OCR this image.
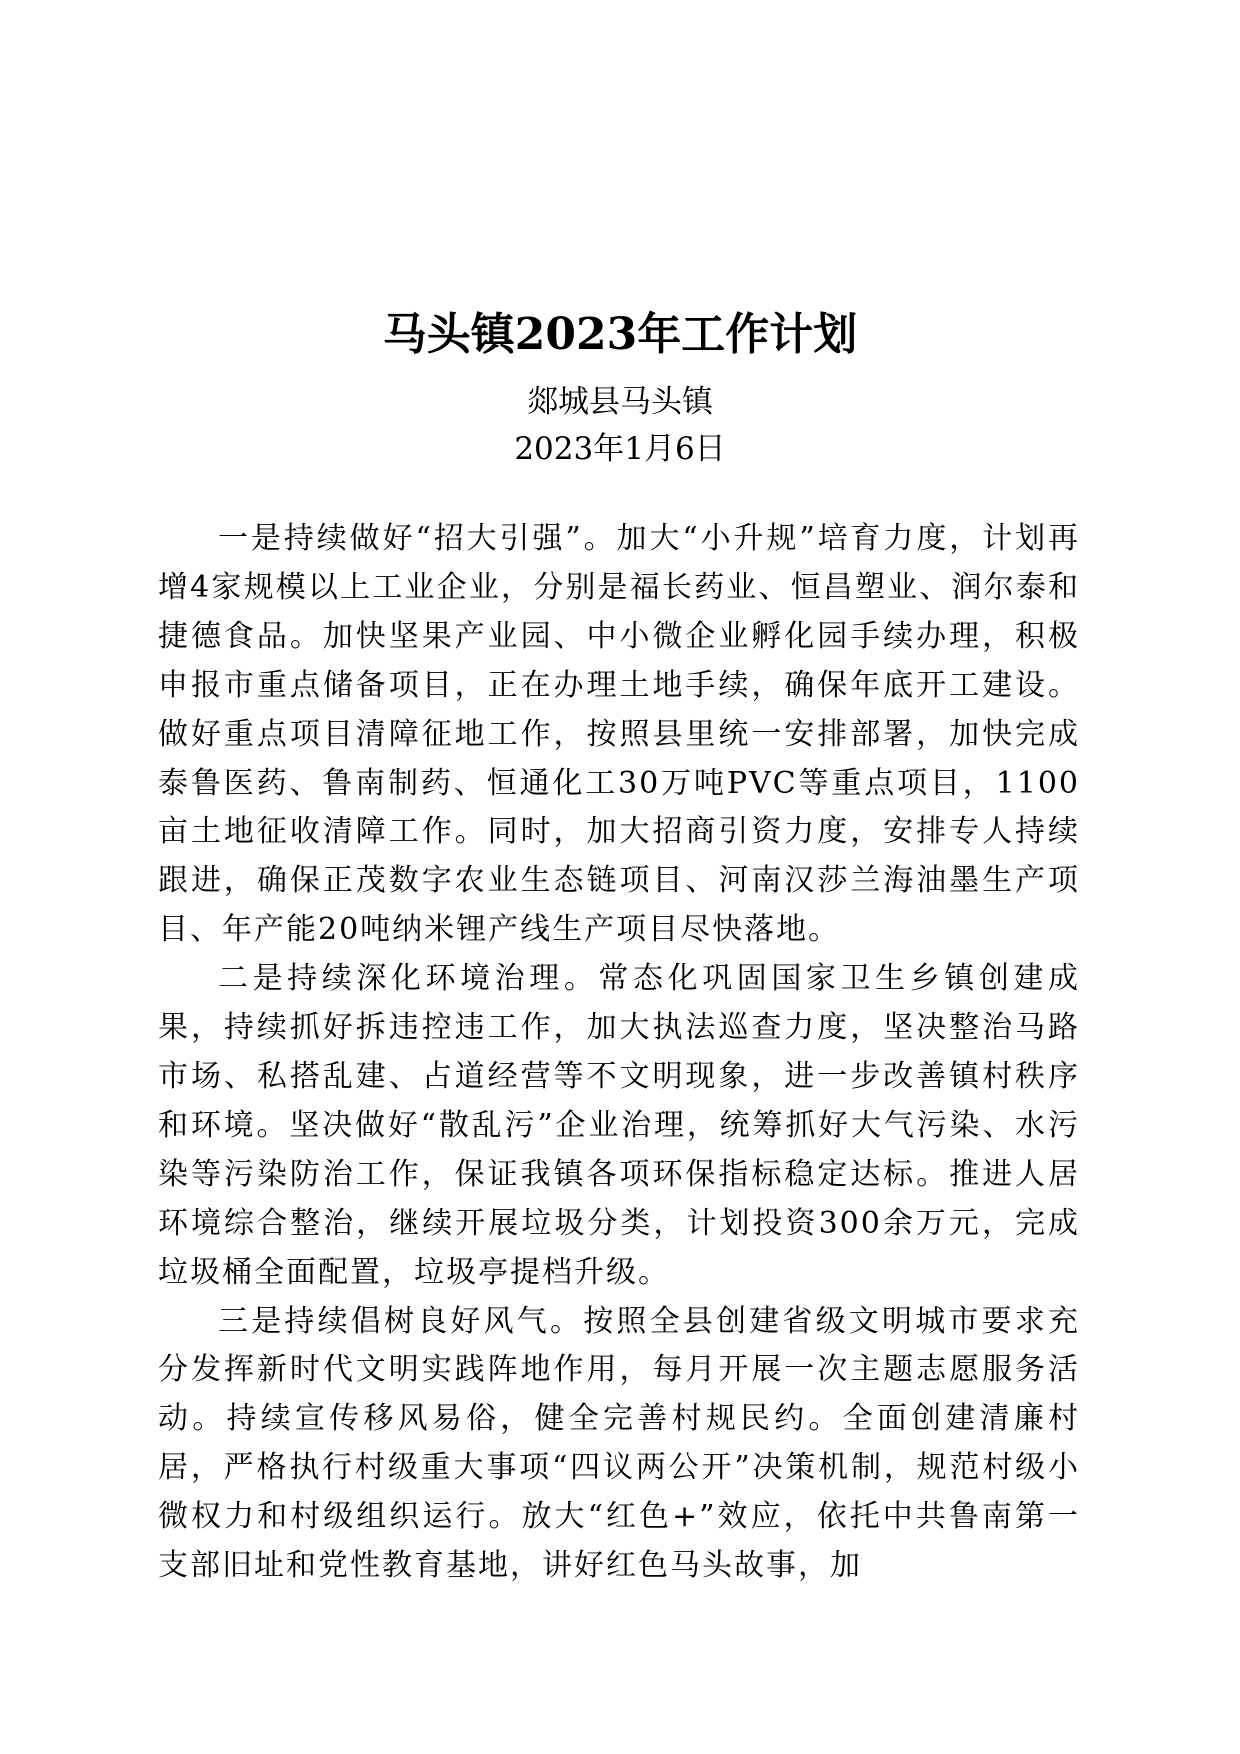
马头镇2023年工作计划

郯城县马头镇

2023年1月6日

一是持续做好“招大引强”。加大“小升规”培育力度，计划再增4家规模以上工业企业，分别是福长药业、恒昌塑业、润尔泰和捷德食品。加快坚果产业园、中小微企业孵化园手续办理，积极申报市重点储备项目，正在办理土地手续，确保年底开工建设。做好重点项目清障征地工作，按照县里统一安排部署，加快完成泰鲁医药、鲁南制药、恒通化工30万吨PVC等重点项目，1100亩土地征收清障工作。同时，加大招商引资力度，安排专人持续跟进，确保正茂数字农业生态链项目、河南汉莎兰海油墨生产项目、年产能20吨纳米锂产线生产项目尽快落地。

二是持续深化环境治理。常态化巩固国家卫生乡镇创建成果，持续抓好拆违控违工作，加大执法巡查力度，坚决整治马路市场、私搭乱建、占道经营等不文明现象，进一步改善镇村秩序和环境。坚决做好“散乱污”企业治理，统筹抓好大气污染、水污染等污染防治工作，保证我镇各项环保指标稳定达标。推进人居环境综合整治，继续开展垃圾分类，计划投资300余万元，完成垃圾桶全面配置，垃圾亭提档升级。

三是持续倡树良好风气。按照全县创建省级文明城市要求充分发挥新时代文明实践阵地作用，每月开展一次主题志愿服务活动。持续宣传移风易俗，健全完善村规民约。全面创建清廉村居，严格执行村级重大事项“四议两公开”决策机制，规范村级小微权力和村级组织运行。放大“红色+”效应，依托中共鲁南第一支部旧址和党性教育基地，讲好红色马头故事，加
